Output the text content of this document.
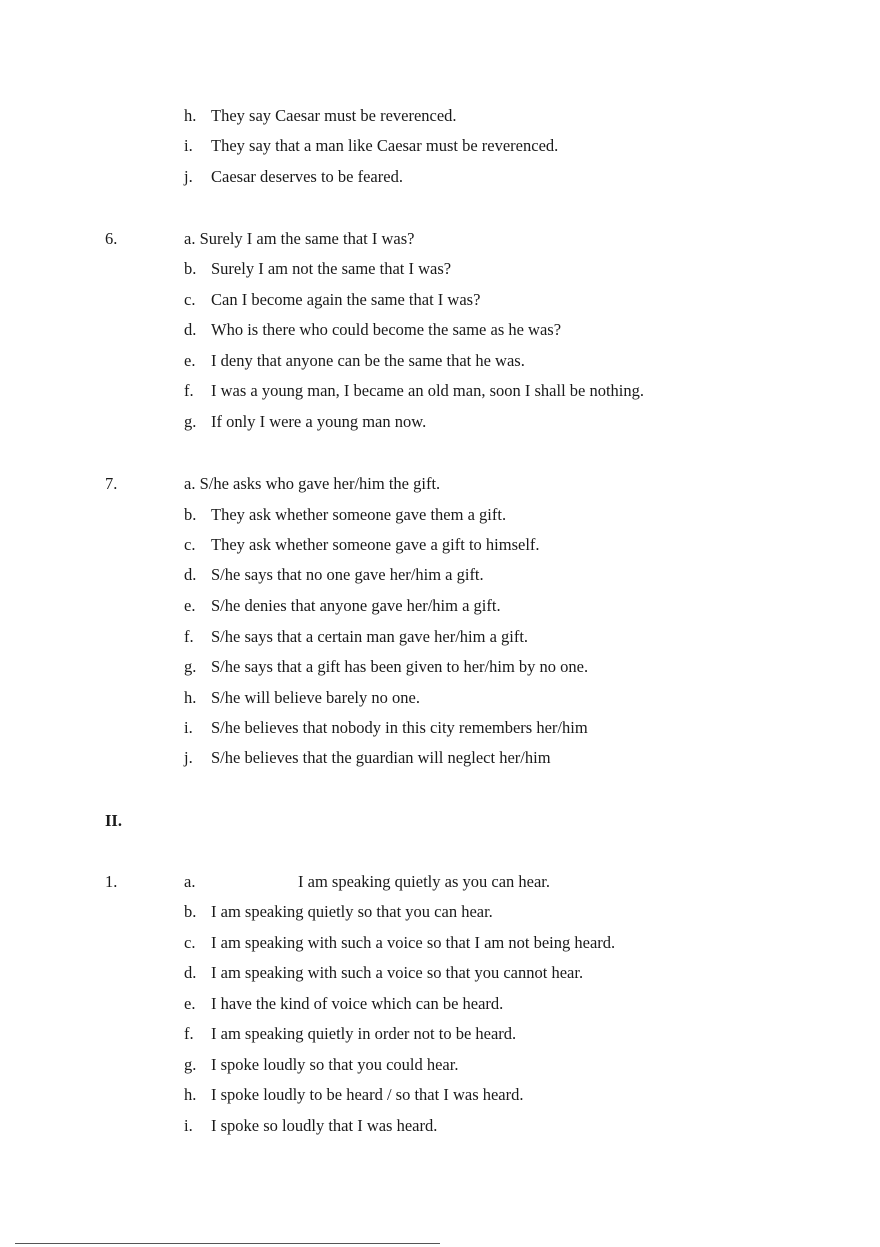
h. They say Caesar must be reverenced.
i. They say that a man like Caesar must be reverenced.
j. Caesar deserves to be feared.
6.	a. Surely I am the same that I was?
b. Surely I am not the same that I was?
c. Can I become again the same that I was?
d. Who is there who could become the same as he was?
e. I deny that anyone can be the same that he was.
f. I was a young man, I became an old man, soon I shall be nothing.
g. If only I were a young man now.
7.	a. S/he asks who gave her/him the gift.
b. They ask whether someone gave them a gift.
c. They ask whether someone gave a gift to himself.
d. S/he says that no one gave her/him a gift.
e. S/he denies that anyone gave her/him a gift.
f. S/he says that a certain man gave her/him a gift.
g. S/he says that a gift has been given to her/him by no one.
h. S/he will believe barely no one.
i. S/he believes that nobody in this city remembers her/him
j. S/he believes that the guardian will neglect her/him
II.
1.	a.	I am speaking quietly as you can hear.
b. I am speaking quietly so that you can hear.
c. I am speaking with such a voice so that I am not being heard.
d. I am speaking with such a voice so that you cannot hear.
e. I have the kind of voice which can be heard.
f. I am speaking quietly in order not to be heard.
g. I spoke loudly so that you could hear.
h. I spoke loudly to be heard / so that I was heard.
i. I spoke so loudly that I was heard.
